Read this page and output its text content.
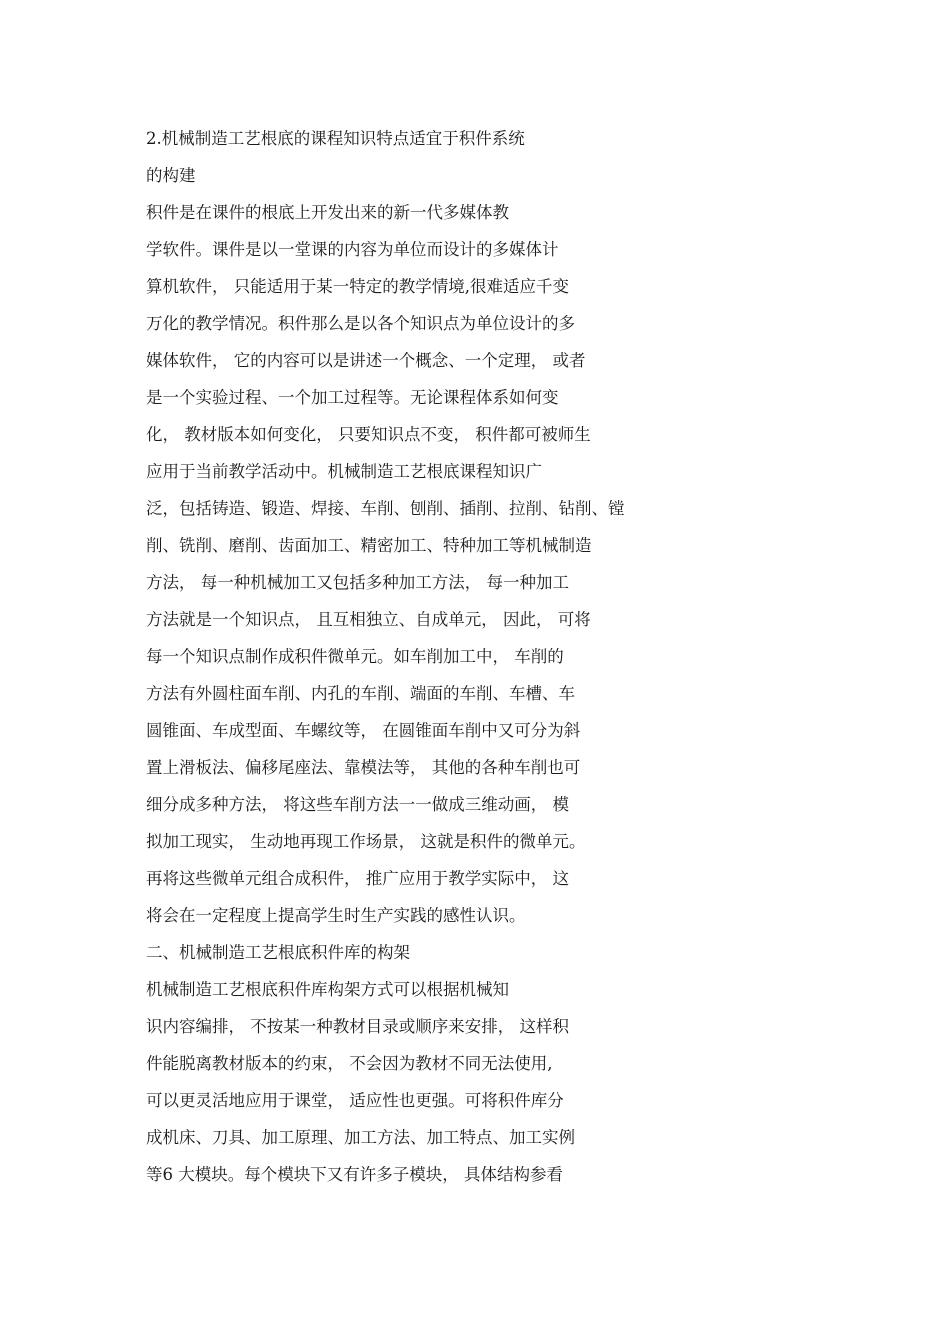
2.机械制造工艺根底的课程知识特点适宜于积件系统
的构建
积件是在课件的根底上开发出来的新一代多媒体教
学软件。课件是以一堂课的内容为单位而设计的多媒体计
算机软件， 只能适用于某一特定的教学情境,很难适应千变
万化的教学情况。积件那么是以各个知识点为单位设计的多
媒体软件， 它的内容可以是讲述一个概念、一个定理， 或者
是一个实验过程、一个加工过程等。无论课程体系如何变
化， 教材版本如何变化， 只要知识点不变， 积件都可被师生
应用于当前教学活动中。机械制造工艺根底课程知识广
泛，包括铸造、锻造、焊接、车削、刨削、插削、拉削、钻削、镗
削、铣削、磨削、齿面加工、精密加工、特种加工等机械制造
方法， 每一种机械加工又包括多种加工方法， 每一种加工
方法就是一个知识点， 且互相独立、自成单元， 因此， 可将
每一个知识点制作成积件微单元。如车削加工中， 车削的
方法有外圆柱面车削、内孔的车削、端面的车削、车槽、车
圆锥面、车成型面、车螺纹等， 在圆锥面车削中又可分为斜
置上滑板法、偏移尾座法、靠模法等， 其他的各种车削也可
细分成多种方法， 将这些车削方法一一做成三维动画， 模
拟加工现实， 生动地再现工作场景， 这就是积件的微单元。
再将这些微单元组合成积件， 推广应用于教学实际中， 这
将会在一定程度上提高学生时生产实践的感性认识。
二、机械制造工艺根底积件库的构架
机械制造工艺根底积件库构架方式可以根据机械知
识内容编排， 不按某一种教材目录或顺序来安排， 这样积
件能脱离教材版本的约束， 不会因为教材不同无法使用,
可以更灵活地应用于课堂， 适应性也更强。可将积件库分
成机床、刀具、加工原理、加工方法、加工特点、加工实例
等6 大模块。每个模块下又有许多子模块， 具体结构参看
